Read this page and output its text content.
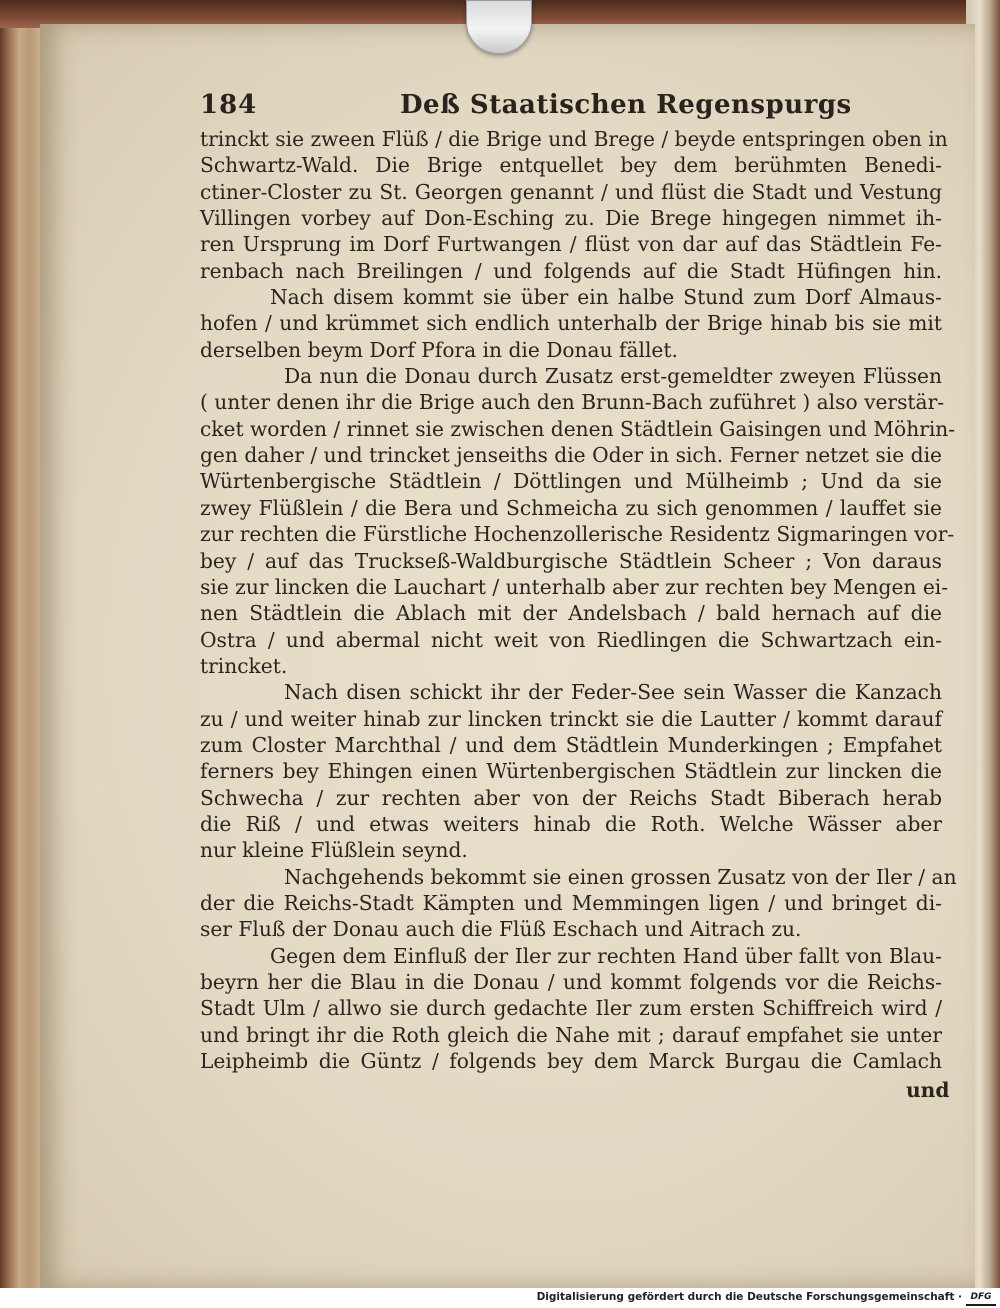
184	Deß Staatischen Regenspurgs
trinckt sie zween Flüß / die Brige und Brege / beyde entspringen oben in
Schwartz-Wald. Die Brige entquellet bey dem berühmten Benedi-
ctiner-Closter zu St. Georgen genannt / und flüst die Stadt und Vestung
Villingen vorbey auf Don-Esching zu. Die Brege hingegen nimmet ih-
ren Ursprung im Dorf Furtwangen / flüst von dar auf das Städtlein Fe-
renbach nach Breilingen / und folgends auf die Stadt Hüfingen hin.
Nach disem kommt sie über ein halbe Stund zum Dorf Almaus-
hofen / und krümmet sich endlich unterhalb der Brige hinab bis sie mit
derselben beym Dorf Pfora in die Donau fället.
Da nun die Donau durch Zusatz erst-gemeldter zweyen Flüssen
( unter denen ihr die Brige auch den Brunn-Bach zuführet ) also verstär-
cket worden / rinnet sie zwischen denen Städtlein Gaisingen und Möhrin-
gen daher / und trincket jenseiths die Oder in sich. Ferner netzet sie die
Würtenbergische Städtlein / Döttlingen und Mülheimb ; Und da sie
zwey Flüßlein / die Bera und Schmeicha zu sich genommen / lauffet sie
zur rechten die Fürstliche Hochenzollerische Residentz Sigmaringen vor-
bey / auf das Truckseß-Waldburgische Städtlein Scheer ; Von daraus
sie zur lincken die Lauchart / unterhalb aber zur rechten bey Mengen ei-
nen Städtlein die Ablach mit der Andelsbach / bald hernach auf die
Ostra / und abermal nicht weit von Riedlingen die Schwartzach ein-
trincket.
Nach disen schickt ihr der Feder-See sein Wasser die Kanzach
zu / und weiter hinab zur lincken trinckt sie die Lautter / kommt darauf
zum Closter Marchthal / und dem Städtlein Munderkingen ; Empfahet
ferners bey Ehingen einen Würtenbergischen Städtlein zur lincken die
Schwecha / zur rechten aber von der Reichs Stadt Biberach herab
die Riß / und etwas weiters hinab die Roth. Welche Wässer aber
nur kleine Flüßlein seynd.
Nachgehends bekommt sie einen grossen Zusatz von der Iler / an
der die Reichs-Stadt Kämpten und Memmingen ligen / und bringet di-
ser Fluß der Donau auch die Flüß Eschach und Aitrach zu.
Gegen dem Einfluß der Iler zur rechten Hand über fallt von Blau-
beyrn her die Blau in die Donau / und kommt folgends vor die Reichs-
Stadt Ulm / allwo sie durch gedachte Iler zum ersten Schiffreich wird /
und bringt ihr die Roth gleich die Nahe mit ; darauf empfahet sie unter
Leipheimb die Güntz / folgends bey dem Marck Burgau die Camlach
und
Digitalisierung gefördert durch die Deutsche Forschungsgemeinschaft · DFG
